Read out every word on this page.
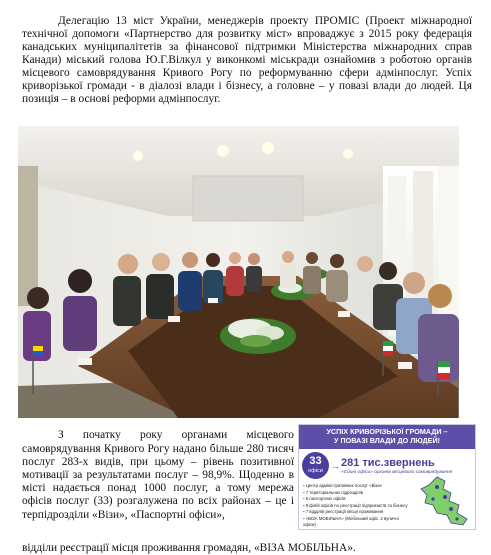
Делегацію 13 міст України, менеджерів проекту ПРОМІС (Проект міжнародної технічної допомоги «Партнерство для розвитку міст» впроваджує з 2015 року федерація канадських муніципалітетів за фінансової підтримки Міністерства міжнародних справ Канади) міський голова Ю.Г.Вілкул у виконкомі міськради ознайомив з роботою органів місцевого самоврядування Кривого Рогу по реформуванню сфери адмінпослуг. Успіх криворізької громади - в діалозі влади і бізнесу, а головне – у повазі влади до людей. Ця позиція – в основі реформи адмінпослуг.

З початку року органами місцевого самоврядування Кривого Рогу надано більше 280 тисяч послуг 283-х видів, при цьому – рівень позитивної мотивації за результатами послуг – 98,9%. Щоденно в місті надається понад 1000 послуг, а тому мережа офісів послуг (33) розгалужена по всіх районах – це і терпідрозділи «Візи», «Паспортні офіси»,

УСПІХ КРИВОРІЗЬКОЇ ГРОМАДИ –
У ПОВАЗІ ВЛАДИ ДО ЛЮДЕЙ!
33
офіси → 281 тис.звернень
«Єдині офіси» органів місцевого самоврядування
▪ Центр адміністративних послуг «Віза»
▪ 7 територіальних підрозділів
▪ 6 паспортних офісів
▪ 9 філій офісів по реєстрації підприємств та бізнесу
▪ 7 відділів реєстрації місця проживання
▪ «ВІЗА МОБІЛЬНА» (Мобільний офіс, 2 вуличні офіси)

відділи реєстрації місця проживання громадян, «ВІЗА МОБІЛЬНА».
